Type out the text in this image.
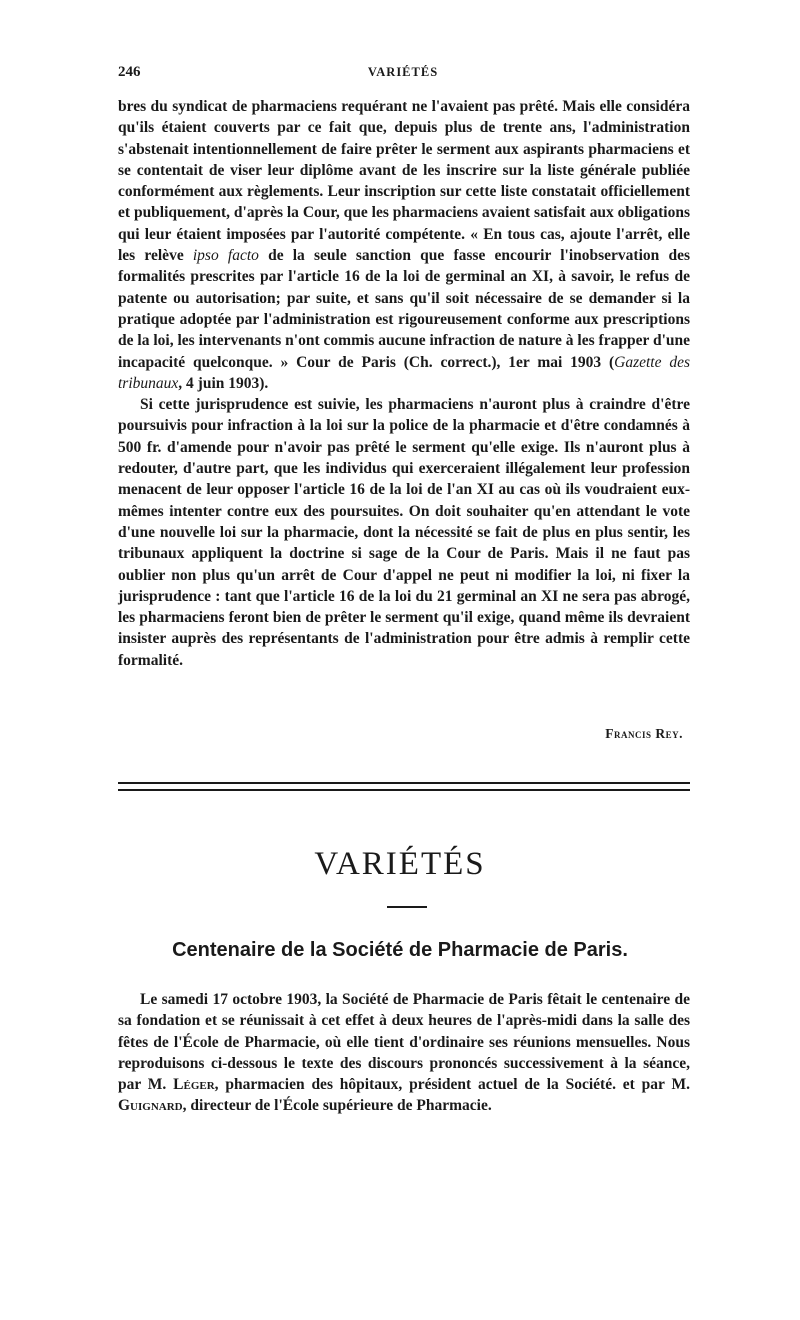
246	VARIÉTÉS

bres du syndicat de pharmaciens requérant ne l'avaient pas prêté. Mais elle considéra qu'ils étaient couverts par ce fait que, depuis plus de trente ans, l'administration s'abstenait intentionnellement de faire prêter le serment aux aspirants pharmaciens et se contentait de viser leur diplôme avant de les inscrire sur la liste générale publiée conformément aux règlements. Leur inscription sur cette liste constatait officiellement et publiquement, d'après la Cour, que les pharmaciens avaient satisfait aux obligations qui leur étaient imposées par l'autorité compétente. « En tous cas, ajoute l'arrêt, elle les relève ipso facto de la seule sanction que fasse encourir l'inobservation des formalités prescrites par l'article 16 de la loi de germinal an XI, à savoir, le refus de patente ou autorisation; par suite, et sans qu'il soit nécessaire de se demander si la pratique adoptée par l'administration est rigoureusement conforme aux prescriptions de la loi, les intervenants n'ont commis aucune infraction de nature à les frapper d'une incapacité quelconque. » Cour de Paris (Ch. correct.), 1er mai 1903 (Gazette des tribunaux, 4 juin 1903).

Si cette jurisprudence est suivie, les pharmaciens n'auront plus à craindre d'être poursuivis pour infraction à la loi sur la police de la pharmacie et d'être condamnés à 500 fr. d'amende pour n'avoir pas prêté le serment qu'elle exige. Ils n'auront plus à redouter, d'autre part, que les individus qui exerceraient illégalement leur profession menacent de leur opposer l'article 16 de la loi de l'an XI au cas où ils voudraient eux-mêmes intenter contre eux des poursuites. On doit souhaiter qu'en attendant le vote d'une nouvelle loi sur la pharmacie, dont la nécessité se fait de plus en plus sentir, les tribunaux appliquent la doctrine si sage de la Cour de Paris. Mais il ne faut pas oublier non plus qu'un arrêt de Cour d'appel ne peut ni modifier la loi, ni fixer la jurisprudence : tant que l'article 16 de la loi du 21 germinal an XI ne sera pas abrogé, les pharmaciens feront bien de prêter le serment qu'il exige, quand même ils devraient insister auprès des représentants de l'administration pour être admis à remplir cette formalité.

Francis Rey.
VARIÉTÉS
Centenaire de la Société de Pharmacie de Paris.

Le samedi 17 octobre 1903, la Société de Pharmacie de Paris fêtait le centenaire de sa fondation et se réunissait à cet effet à deux heures de l'après-midi dans la salle des fêtes de l'École de Pharmacie, où elle tient d'ordinaire ses réunions mensuelles. Nous reproduisons ci-dessous le texte des discours prononcés successivement à la séance, par M. Léger, pharmacien des hôpitaux, président actuel de la Société. et par M. Guignard, directeur de l'École supérieure de Pharmacie.
